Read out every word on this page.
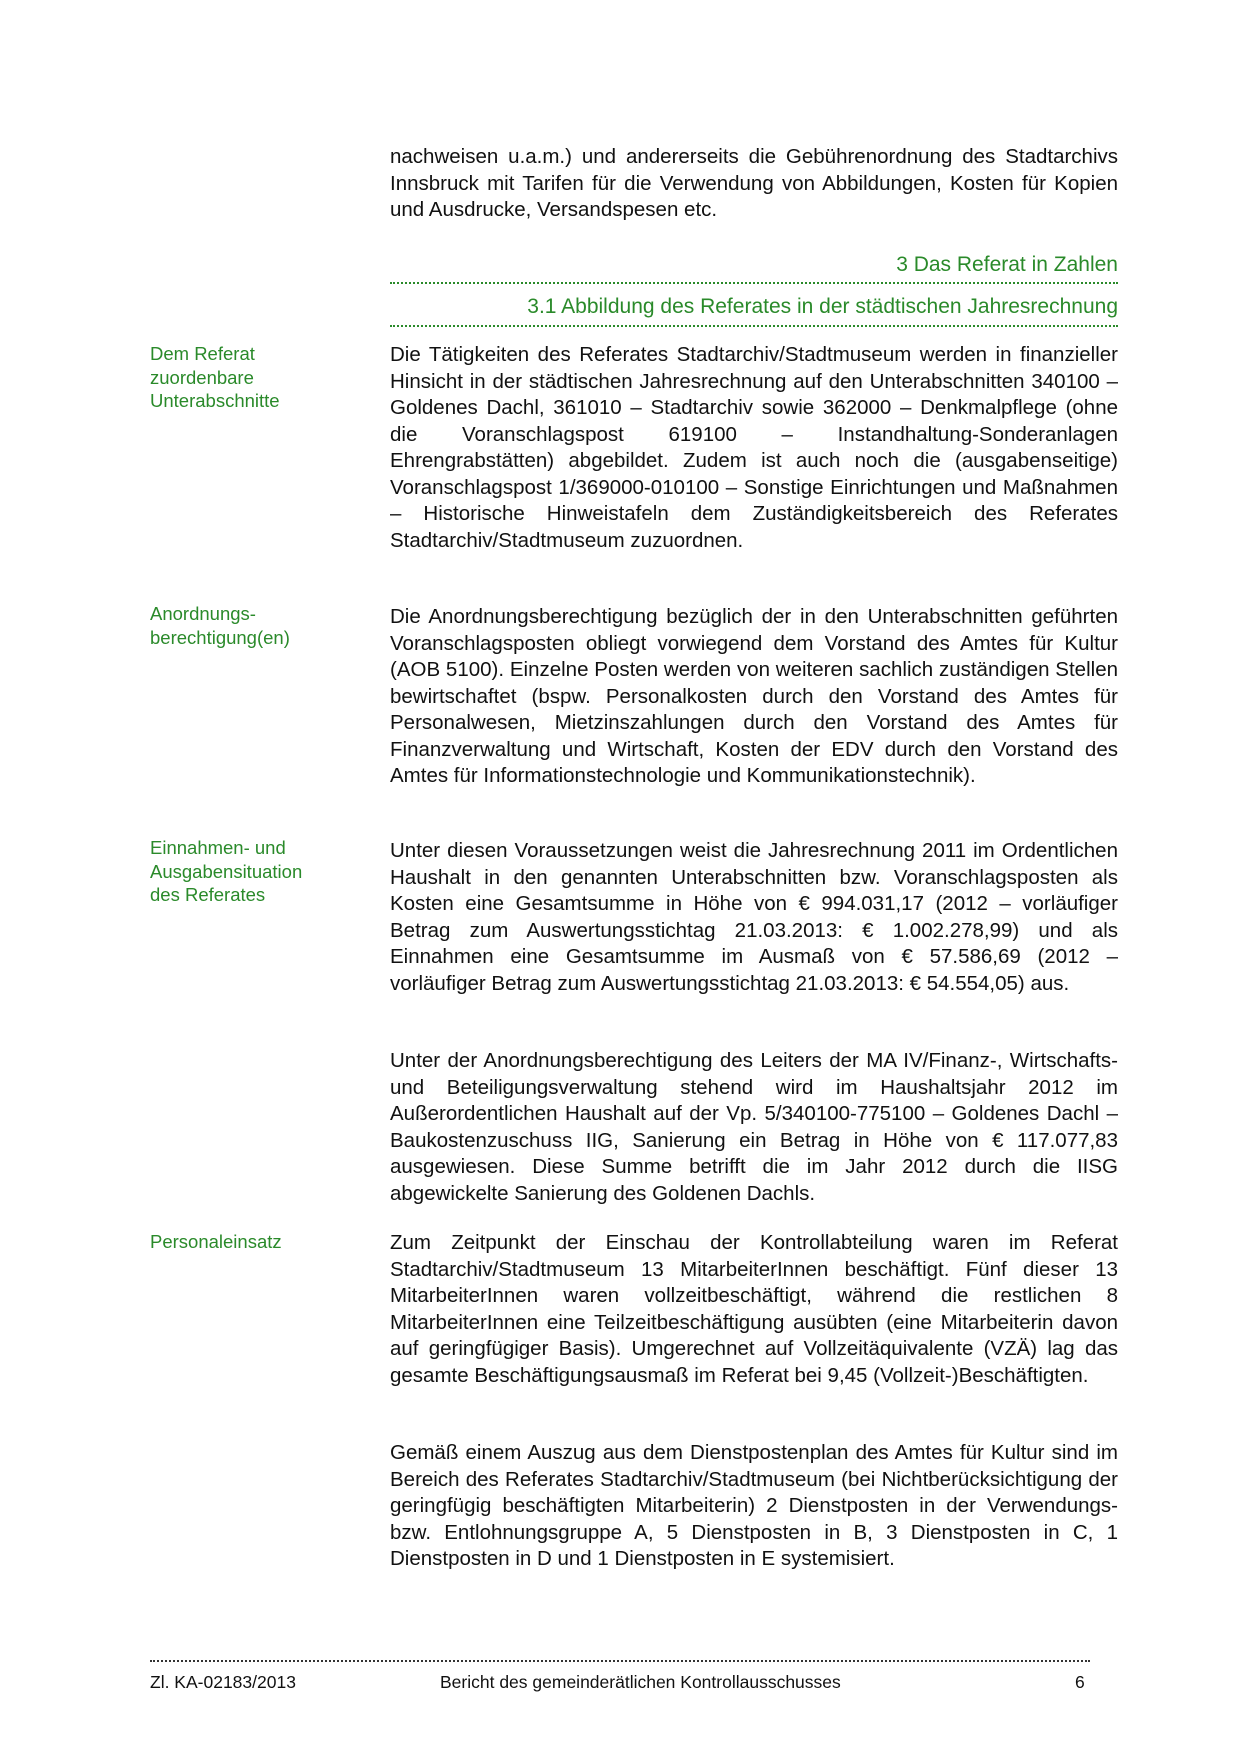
nachweisen u.a.m.) und andererseits die Gebührenordnung des Stadtarchivs Innsbruck mit Tarifen für die Verwendung von Abbildungen, Kosten für Kopien und Ausdrucke, Versandspesen etc.
3 Das Referat in Zahlen
3.1 Abbildung des Referates in der städtischen Jahresrechnung
Dem Referat zuordenbare Unterabschnitte
Die Tätigkeiten des Referates Stadtarchiv/Stadtmuseum werden in finanzieller Hinsicht in der städtischen Jahresrechnung auf den Unterabschnitten 340100 – Goldenes Dachl, 361010 – Stadtarchiv sowie 362000 – Denkmalpflege (ohne die Voranschlagspost 619100 – Instandhaltung-Sonderanlagen Ehrengrabstätten) abgebildet. Zudem ist auch noch die (ausgabenseitige) Voranschlagspost 1/369000-010100 – Sonstige Einrichtungen und Maßnahmen – Historische Hinweistafeln dem Zuständigkeitsbereich des Referates Stadtarchiv/Stadtmuseum zuzuordnen.
Anordnungs-berechtigung(en)
Die Anordnungsberechtigung bezüglich der in den Unterabschnitten geführten Voranschlagsposten obliegt vorwiegend dem Vorstand des Amtes für Kultur (AOB 5100). Einzelne Posten werden von weiteren sachlich zuständigen Stellen bewirtschaftet (bspw. Personalkosten durch den Vorstand des Amtes für Personalwesen, Mietzinszahlungen durch den Vorstand des Amtes für Finanzverwaltung und Wirtschaft, Kosten der EDV durch den Vorstand des Amtes für Informationstechnologie und Kommunikationstechnik).
Einnahmen- und Ausgabensituation des Referates
Unter diesen Voraussetzungen weist die Jahresrechnung 2011 im Ordentlichen Haushalt in den genannten Unterabschnitten bzw. Voranschlagsposten als Kosten eine Gesamtsumme in Höhe von € 994.031,17 (2012 – vorläufiger Betrag zum Auswertungsstichtag 21.03.2013: € 1.002.278,99) und als Einnahmen eine Gesamtsumme im Ausmaß von € 57.586,69 (2012 – vorläufiger Betrag zum Auswertungsstichtag 21.03.2013: € 54.554,05) aus.
Unter der Anordnungsberechtigung des Leiters der MA IV/Finanz-, Wirtschafts- und Beteiligungsverwaltung stehend wird im Haushaltsjahr 2012 im Außerordentlichen Haushalt auf der Vp. 5/340100-775100 – Goldenes Dachl – Baukostenzuschuss IIG, Sanierung ein Betrag in Höhe von € 117.077,83 ausgewiesen. Diese Summe betrifft die im Jahr 2012 durch die IISG abgewickelte Sanierung des Goldenen Dachls.
Personaleinsatz	Zum Zeitpunkt der Einschau der Kontrollabteilung waren im Referat Stadtarchiv/Stadtmuseum 13 MitarbeiterInnen beschäftigt. Fünf dieser 13 MitarbeiterInnen waren vollzeitbeschäftigt, während die restlichen 8 MitarbeiterInnen eine Teilzeitbeschäftigung ausübten (eine Mitarbeiterin davon auf geringfügiger Basis). Umgerechnet auf Vollzeitäquivalente (VZÄ) lag das gesamte Beschäftigungsausmaß im Referat bei 9,45 (Vollzeit-)Beschäftigten.
Gemäß einem Auszug aus dem Dienstpostenplan des Amtes für Kultur sind im Bereich des Referates Stadtarchiv/Stadtmuseum (bei Nichtberücksichtigung der geringfügig beschäftigten Mitarbeiterin) 2 Dienstposten in der Verwendungs- bzw. Entlohnungsgruppe A, 5 Dienstposten in B, 3 Dienstposten in C, 1 Dienstposten in D und 1 Dienstposten in E systemisiert.
Zl. KA-02183/2013	Bericht des gemeinderätlichen Kontrollausschusses	6
